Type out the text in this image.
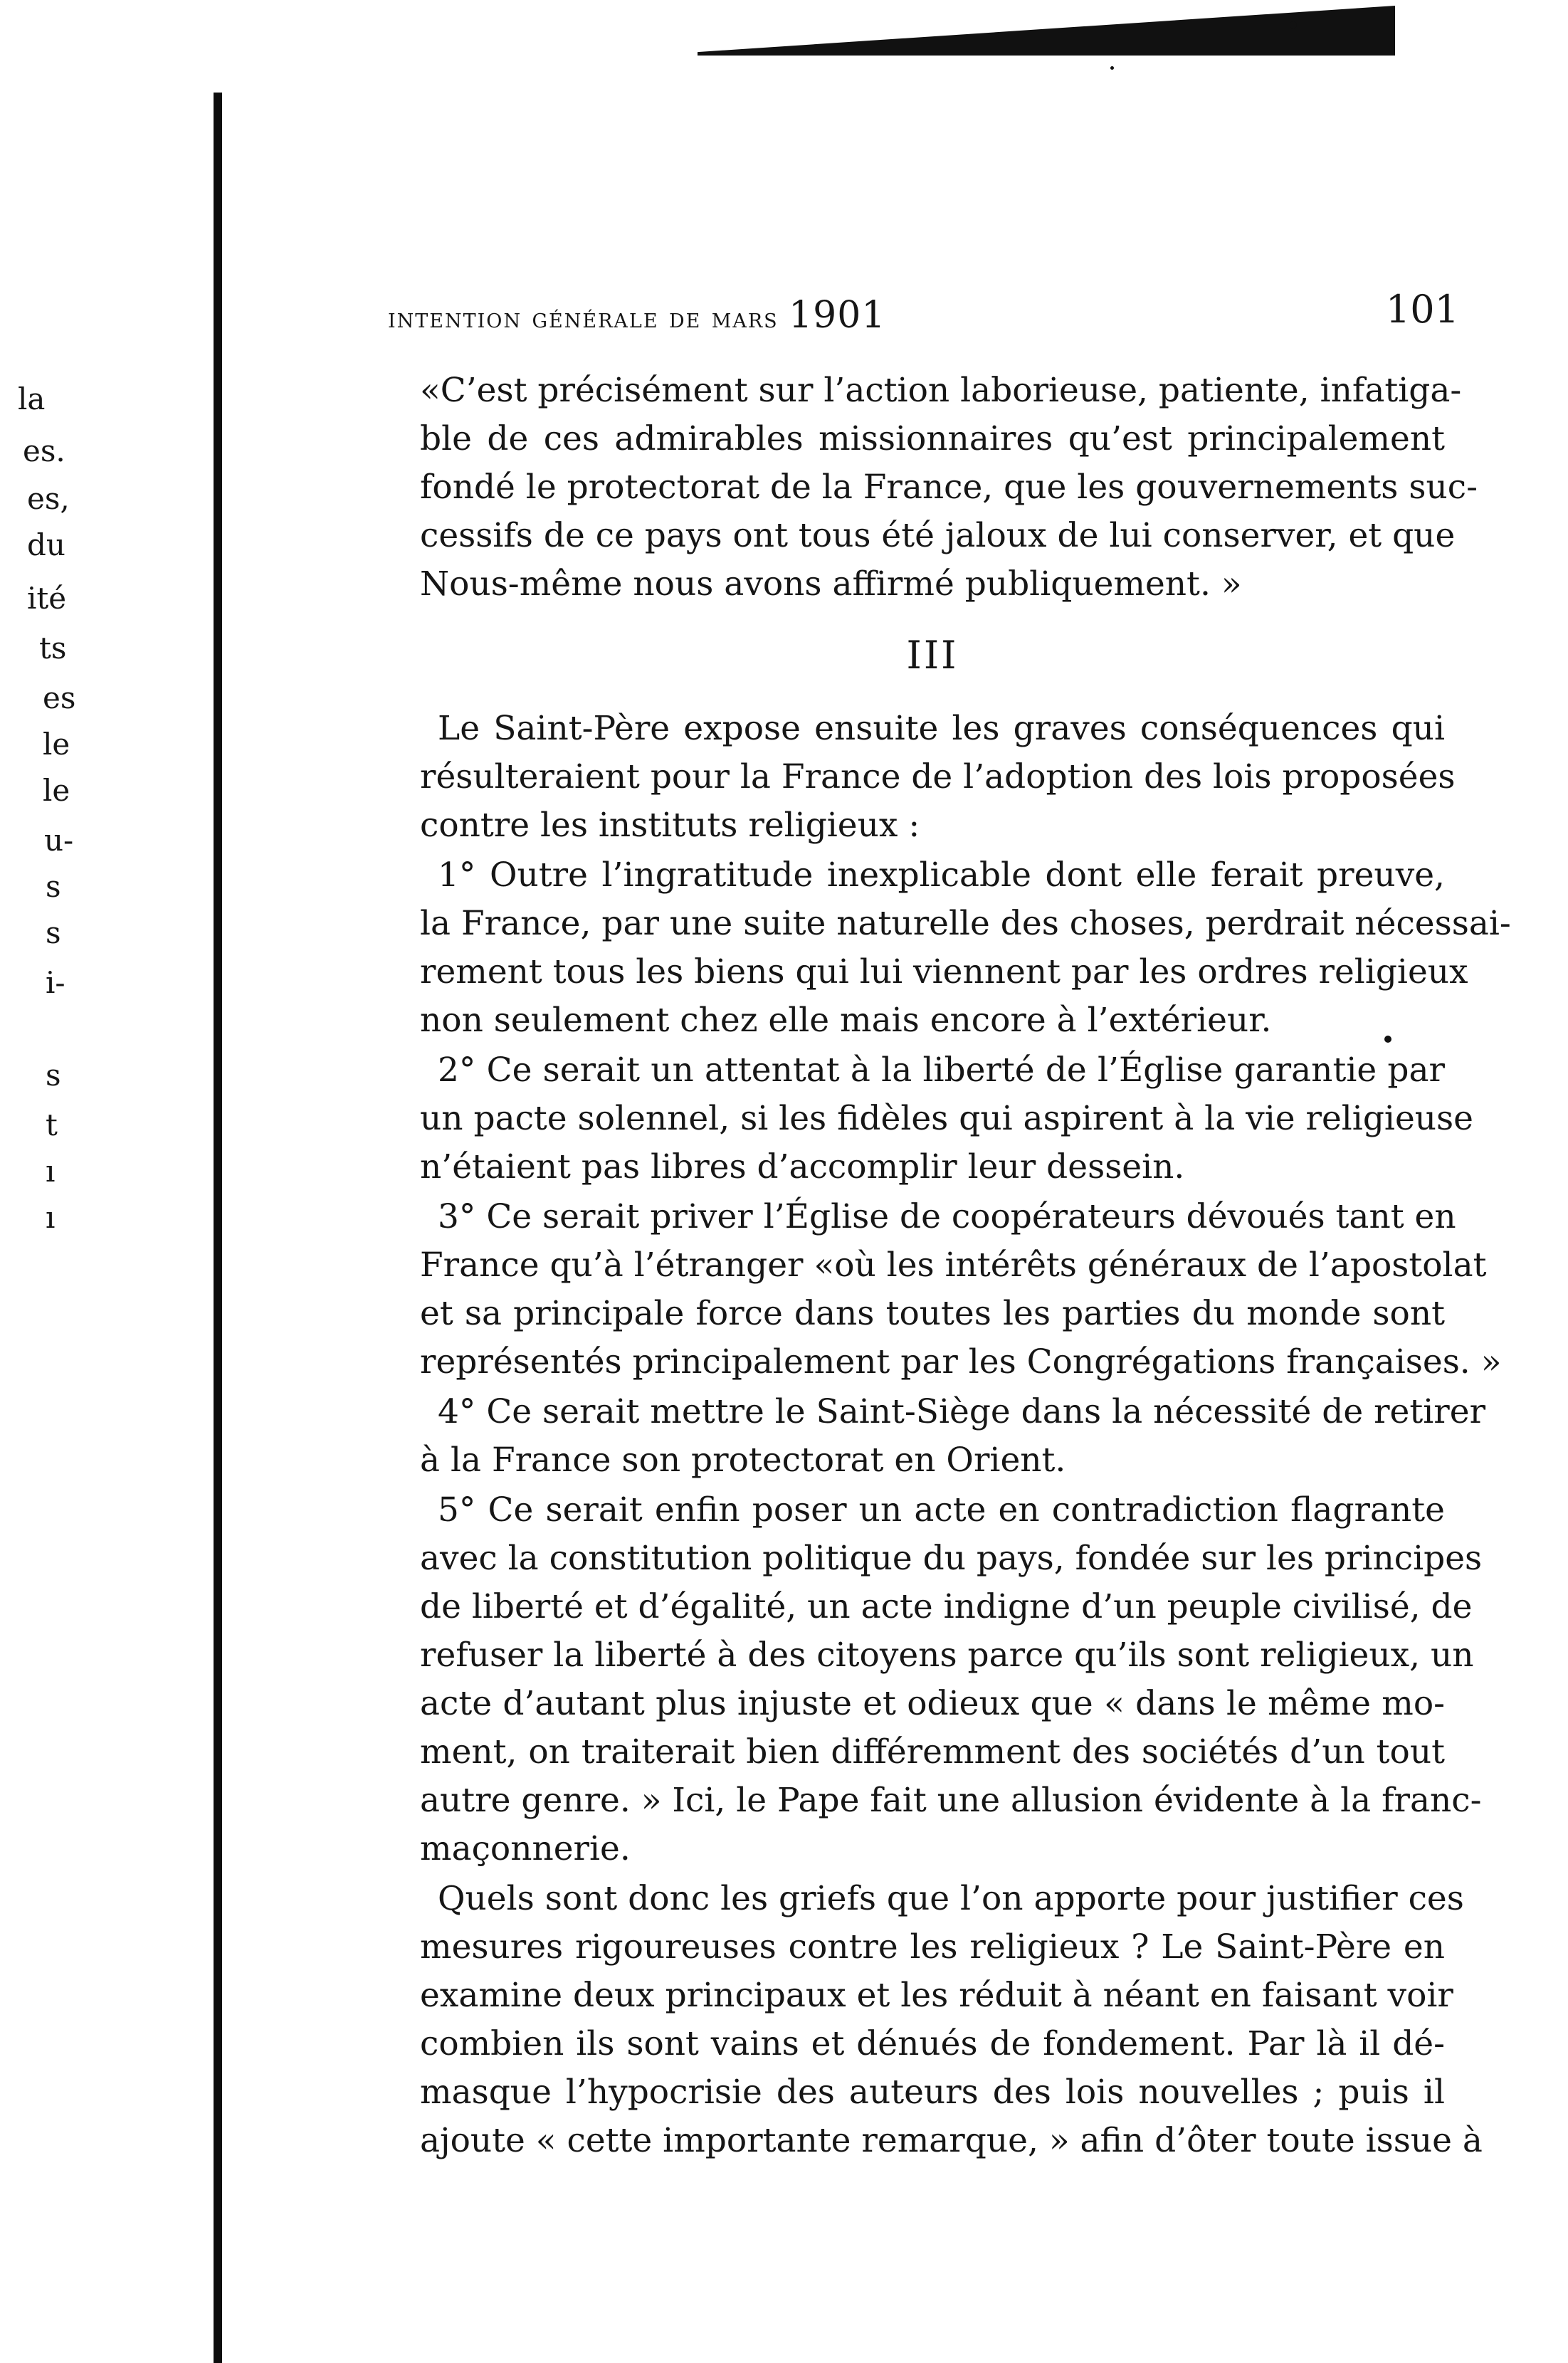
la
es.
es,
du
ité
ts
es
le
le
u-
s
s
i-
s
t
ı
ı
intention générale de mars 1901	101
«C’est précisément sur l’action laborieuse, patiente, infatiga-
ble de ces admirables missionnaires qu’est principalement
fondé le protectorat de la France, que les gouvernements suc-
cessifs de ce pays ont tous été jaloux de lui conserver, et que
Nous-même nous avons affirmé publiquement. »
III
Le Saint-Père expose ensuite les graves conséquences qui
résulteraient pour la France de l’adoption des lois proposées
contre les instituts religieux :
1° Outre l’ingratitude inexplicable dont elle ferait preuve,
la France, par une suite naturelle des choses, perdrait nécessai-
rement tous les biens qui lui viennent par les ordres religieux
non seulement chez elle mais encore à l’extérieur.
2° Ce serait un attentat à la liberté de l’Église garantie par
un pacte solennel, si les fidèles qui aspirent à la vie religieuse
n’étaient pas libres d’accomplir leur dessein.
3° Ce serait priver l’Église de coopérateurs dévoués tant en
France qu’à l’étranger «où les intérêts généraux de l’apostolat
et sa principale force dans toutes les parties du monde sont
représentés principalement par les Congrégations françaises. »
4° Ce serait mettre le Saint-Siège dans la nécessité de retirer
à la France son protectorat en Orient.
5° Ce serait enfin poser un acte en contradiction flagrante
avec la constitution politique du pays, fondée sur les principes
de liberté et d’égalité, un acte indigne d’un peuple civilisé, de
refuser la liberté à des citoyens parce qu’ils sont religieux, un
acte d’autant plus injuste et odieux que « dans le même mo-
ment, on traiterait bien différemment des sociétés d’un tout
autre genre. » Ici, le Pape fait une allusion évidente à la franc-
maçonnerie.
Quels sont donc les griefs que l’on apporte pour justifier ces
mesures rigoureuses contre les religieux ? Le Saint-Père en
examine deux principaux et les réduit à néant en faisant voir
combien ils sont vains et dénués de fondement. Par là il dé-
masque l’hypocrisie des auteurs des lois nouvelles ; puis il
ajoute « cette importante remarque, » afin d’ôter toute issue à
